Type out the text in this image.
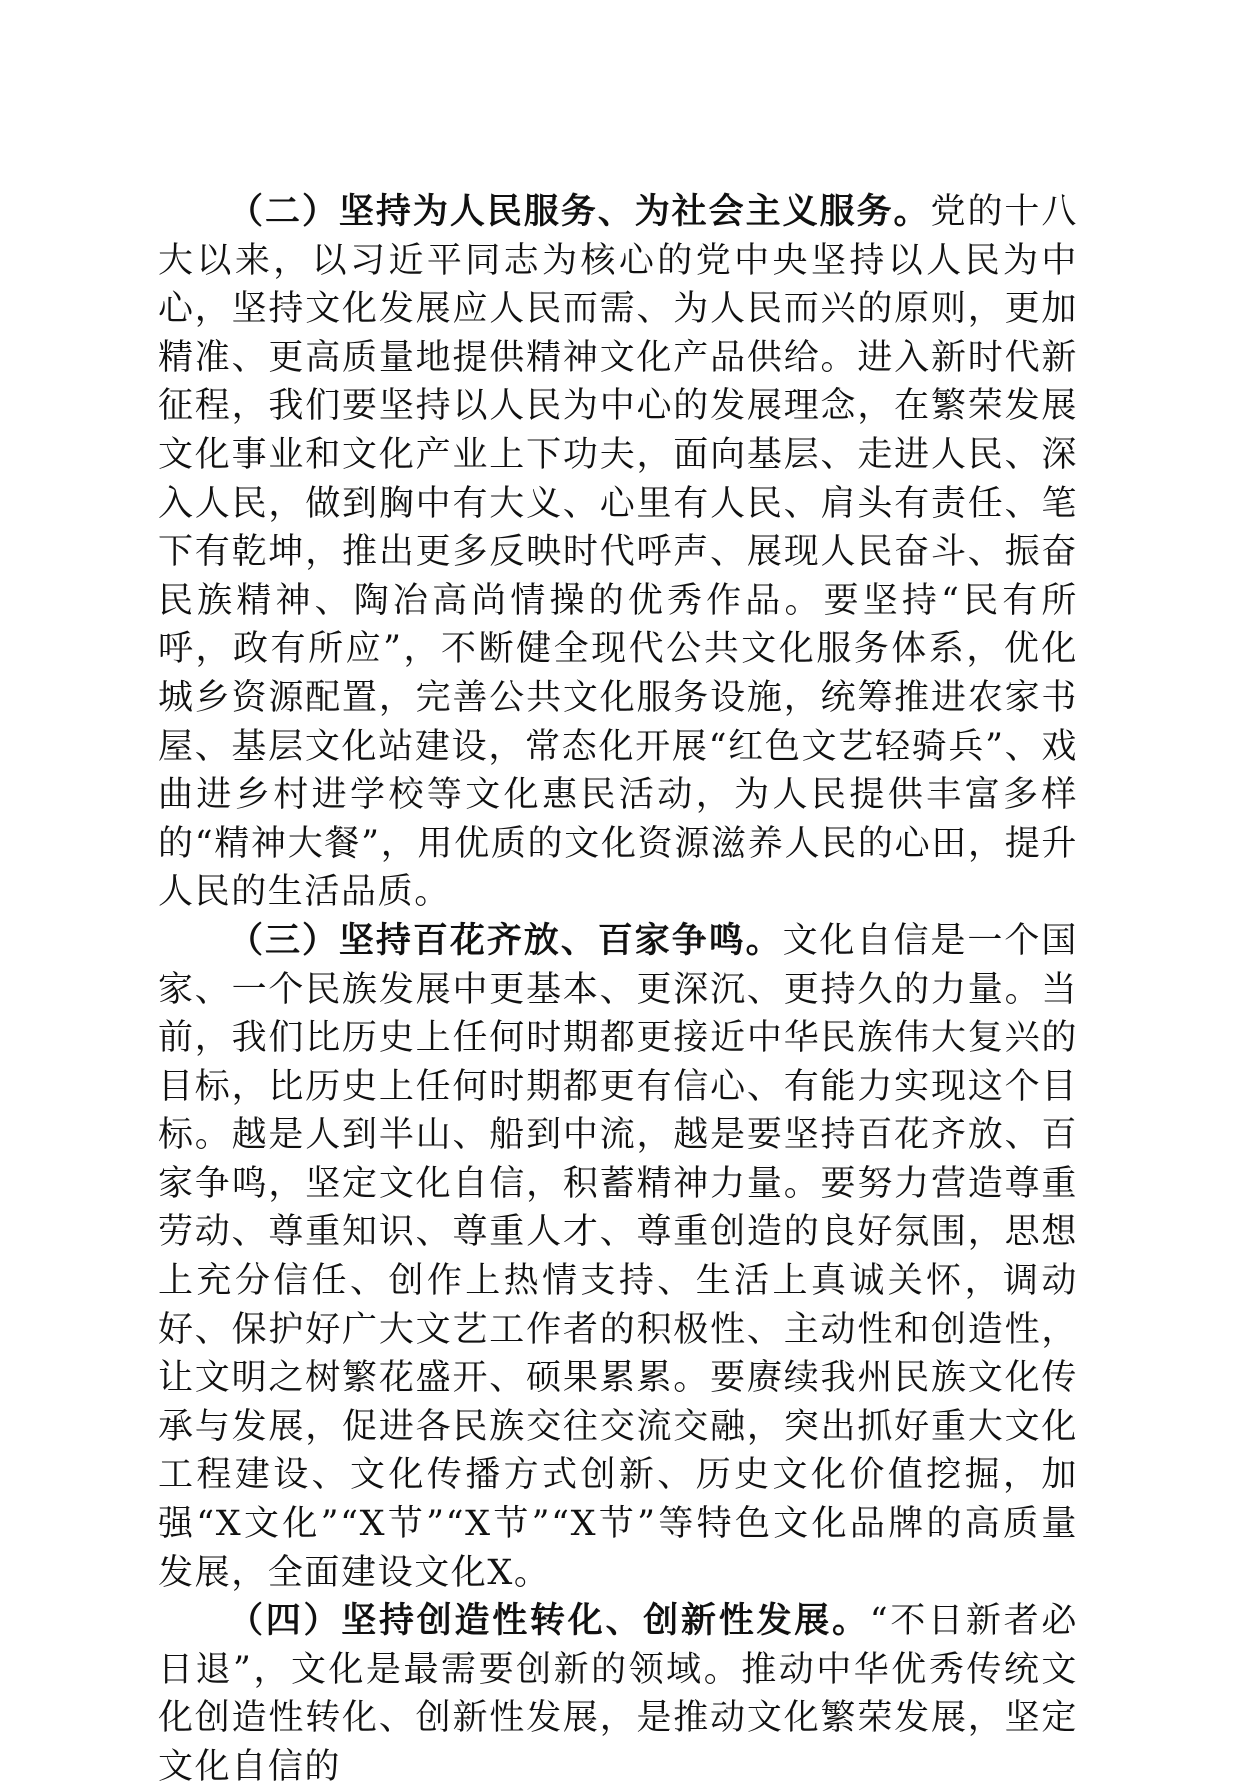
（二）坚持为人民服务、为社会主义服务。党的十八大以来，以习近平同志为核心的党中央坚持以人民为中心，坚持文化发展应人民而需、为人民而兴的原则，更加精准、更高质量地提供精神文化产品供给。进入新时代新征程，我们要坚持以人民为中心的发展理念，在繁荣发展文化事业和文化产业上下功夫，面向基层、走进人民、深入人民，做到胸中有大义、心里有人民、肩头有责任、笔下有乾坤，推出更多反映时代呼声、展现人民奋斗、振奋民族精神、陶冶高尚情操的优秀作品。要坚持“民有所呼，政有所应”，不断健全现代公共文化服务体系，优化城乡资源配置，完善公共文化服务设施，统筹推进农家书屋、基层文化站建设，常态化开展“红色文艺轻骑兵”、戏曲进乡村进学校等文化惠民活动，为人民提供丰富多样的“精神大餐”，用优质的文化资源滋养人民的心田，提升人民的生活品质。

（三）坚持百花齐放、百家争鸣。文化自信是一个国家、一个民族发展中更基本、更深沉、更持久的力量。当前，我们比历史上任何时期都更接近中华民族伟大复兴的目标，比历史上任何时期都更有信心、有能力实现这个目标。越是人到半山、船到中流，越是要坚持百花齐放、百家争鸣，坚定文化自信，积蓄精神力量。要努力营造尊重劳动、尊重知识、尊重人才、尊重创造的良好氛围，思想上充分信任、创作上热情支持、生活上真诚关怀，调动好、保护好广大文艺工作者的积极性、主动性和创造性，让文明之树繁花盛开、硕果累累。要赓续我州民族文化传承与发展，促进各民族交往交流交融，突出抓好重大文化工程建设、文化传播方式创新、历史文化价值挖掘，加强“X文化”“X节”“X节”“X节”等特色文化品牌的高质量发展，全面建设文化X。

（四）坚持创造性转化、创新性发展。“不日新者必日退”，文化是最需要创新的领域。推动中华优秀传统文化创造性转化、创新性发展，是推动文化繁荣发展，坚定文化自信的
